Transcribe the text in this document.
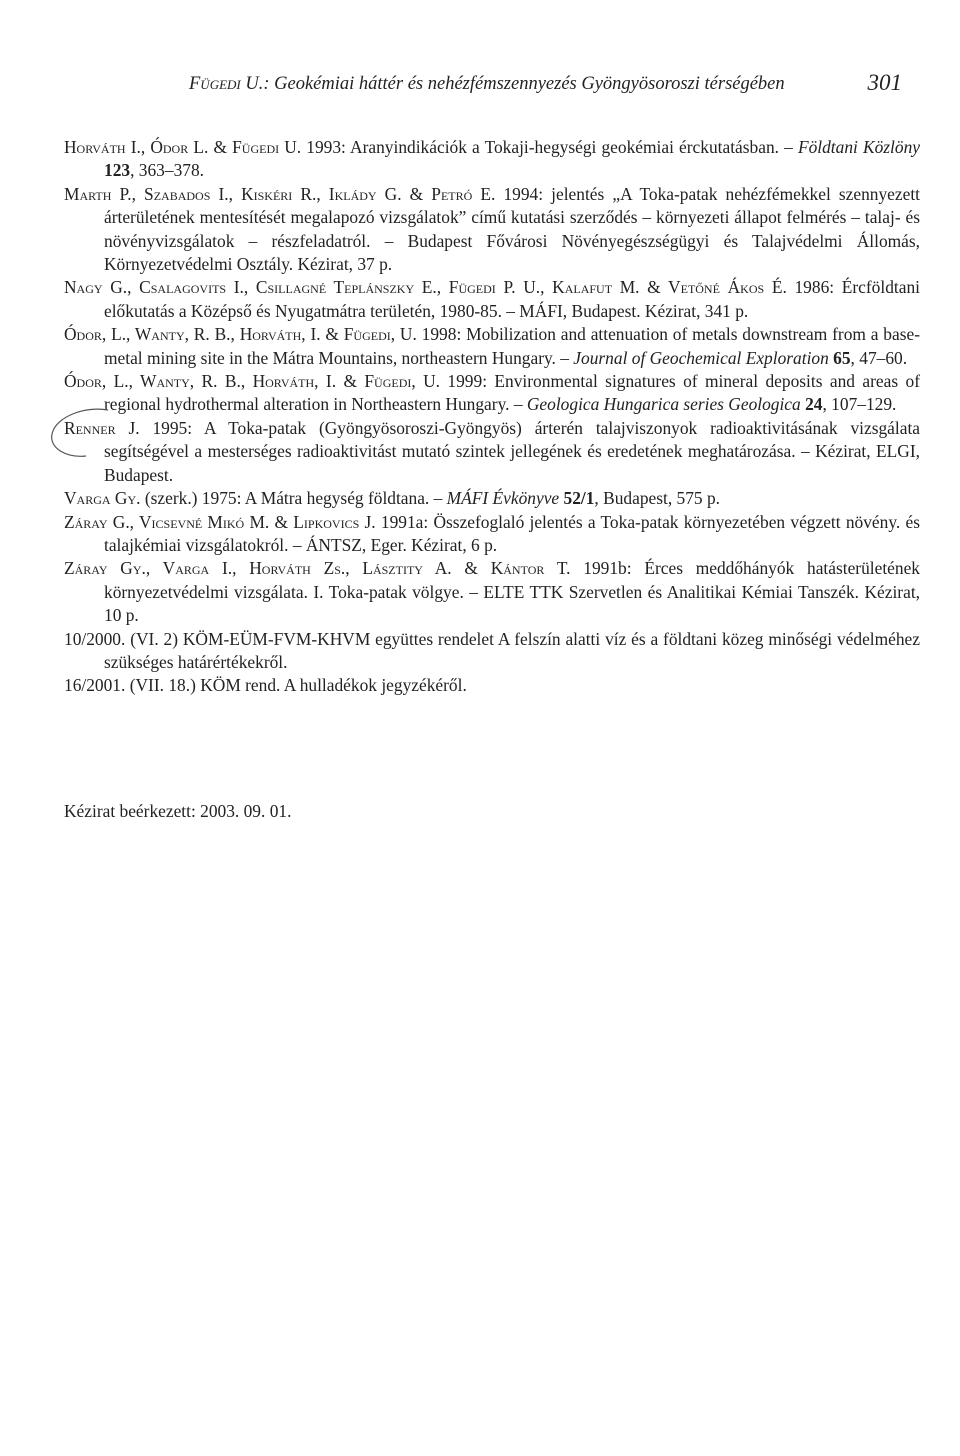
Fügedi U.: Geokémiai háttér és nehézfémszennyezés Gyöngyösoroszi térségében	301

Horváth I., Ódor L. & Fügedi U. 1993: Aranyindikációk a Tokaji-hegységi geokémiai érckutatásban. – Földtani Közlöny 123, 363–378.

Marth P., Szabados I., Kiskéri R., Iklády G. & Petró E. 1994: jelentés „A Toka-patak nehézfémekkel szennyezett árterületének mentesítését megalapozó vizsgálatok” című kutatási szerződés – környezeti állapot felmérés – talaj- és növényvizsgálatok – részfeladatról. – Budapest Fővárosi Növényegészségügyi és Talajvédelmi Állomás, Környezetvédelmi Osztály. Kézirat, 37 p.

Nagy G., Csalagovits I., Csillagné Teplánszky E., Fügedi P. U., Kalafut M. & Vetőné Ákos É. 1986: Ércföldtani előkutatás a Középső és Nyugatmátra területén, 1980-85. – MÁFI, Budapest. Kézirat, 341 p.

Ódor, L., Wanty, R. B., Horváth, I. & Fügedi, U. 1998: Mobilization and attenuation of metals downstream from a base-metal mining site in the Mátra Mountains, northeastern Hungary. – Journal of Geochemical Exploration 65, 47–60.

Ódor, L., Wanty, R. B., Horváth, I. & Fügedi, U. 1999: Environmental signatures of mineral deposits and areas of regional hydrothermal alteration in Northeastern Hungary. – Geologica Hungarica series Geologica 24, 107–129.

Renner J. 1995: A Toka-patak (Gyöngyösoroszi-Gyöngyös) árterén talajviszonyok radioaktivitásának vizsgálata segítségével a mesterséges radioaktivitást mutató szintek jellegének és eredetének meghatározása. – Kézirat, ELGI, Budapest.

Varga Gy. (szerk.) 1975: A Mátra hegység földtana. – MÁFI Évkönyve 52/1, Budapest, 575 p.

Záray G., Vicsevné Mikó M. & Lipkovics J. 1991a: Összefoglaló jelentés a Toka-patak környezetében végzett növény. és talajkémiai vizsgálatokról. – ÁNTSZ, Eger. Kézirat, 6 p.

Záray Gy., Varga I., Horváth Zs., Lásztity A. & Kántor T. 1991b: Érces meddőhányók hatásterületének környezetvédelmi vizsgálata. I. Toka-patak völgye. – ELTE TTK Szervetlen és Analitikai Kémiai Tanszék. Kézirat, 10 p.

10/2000. (VI. 2) KÖM-EÜM-FVM-KHVM együttes rendelet A felszín alatti víz és a földtani közeg minőségi védelméhez szükséges határértékekről.

16/2001. (VII. 18.) KÖM rend. A hulladékok jegyzékéről.

Kézirat beérkezett: 2003. 09. 01.
